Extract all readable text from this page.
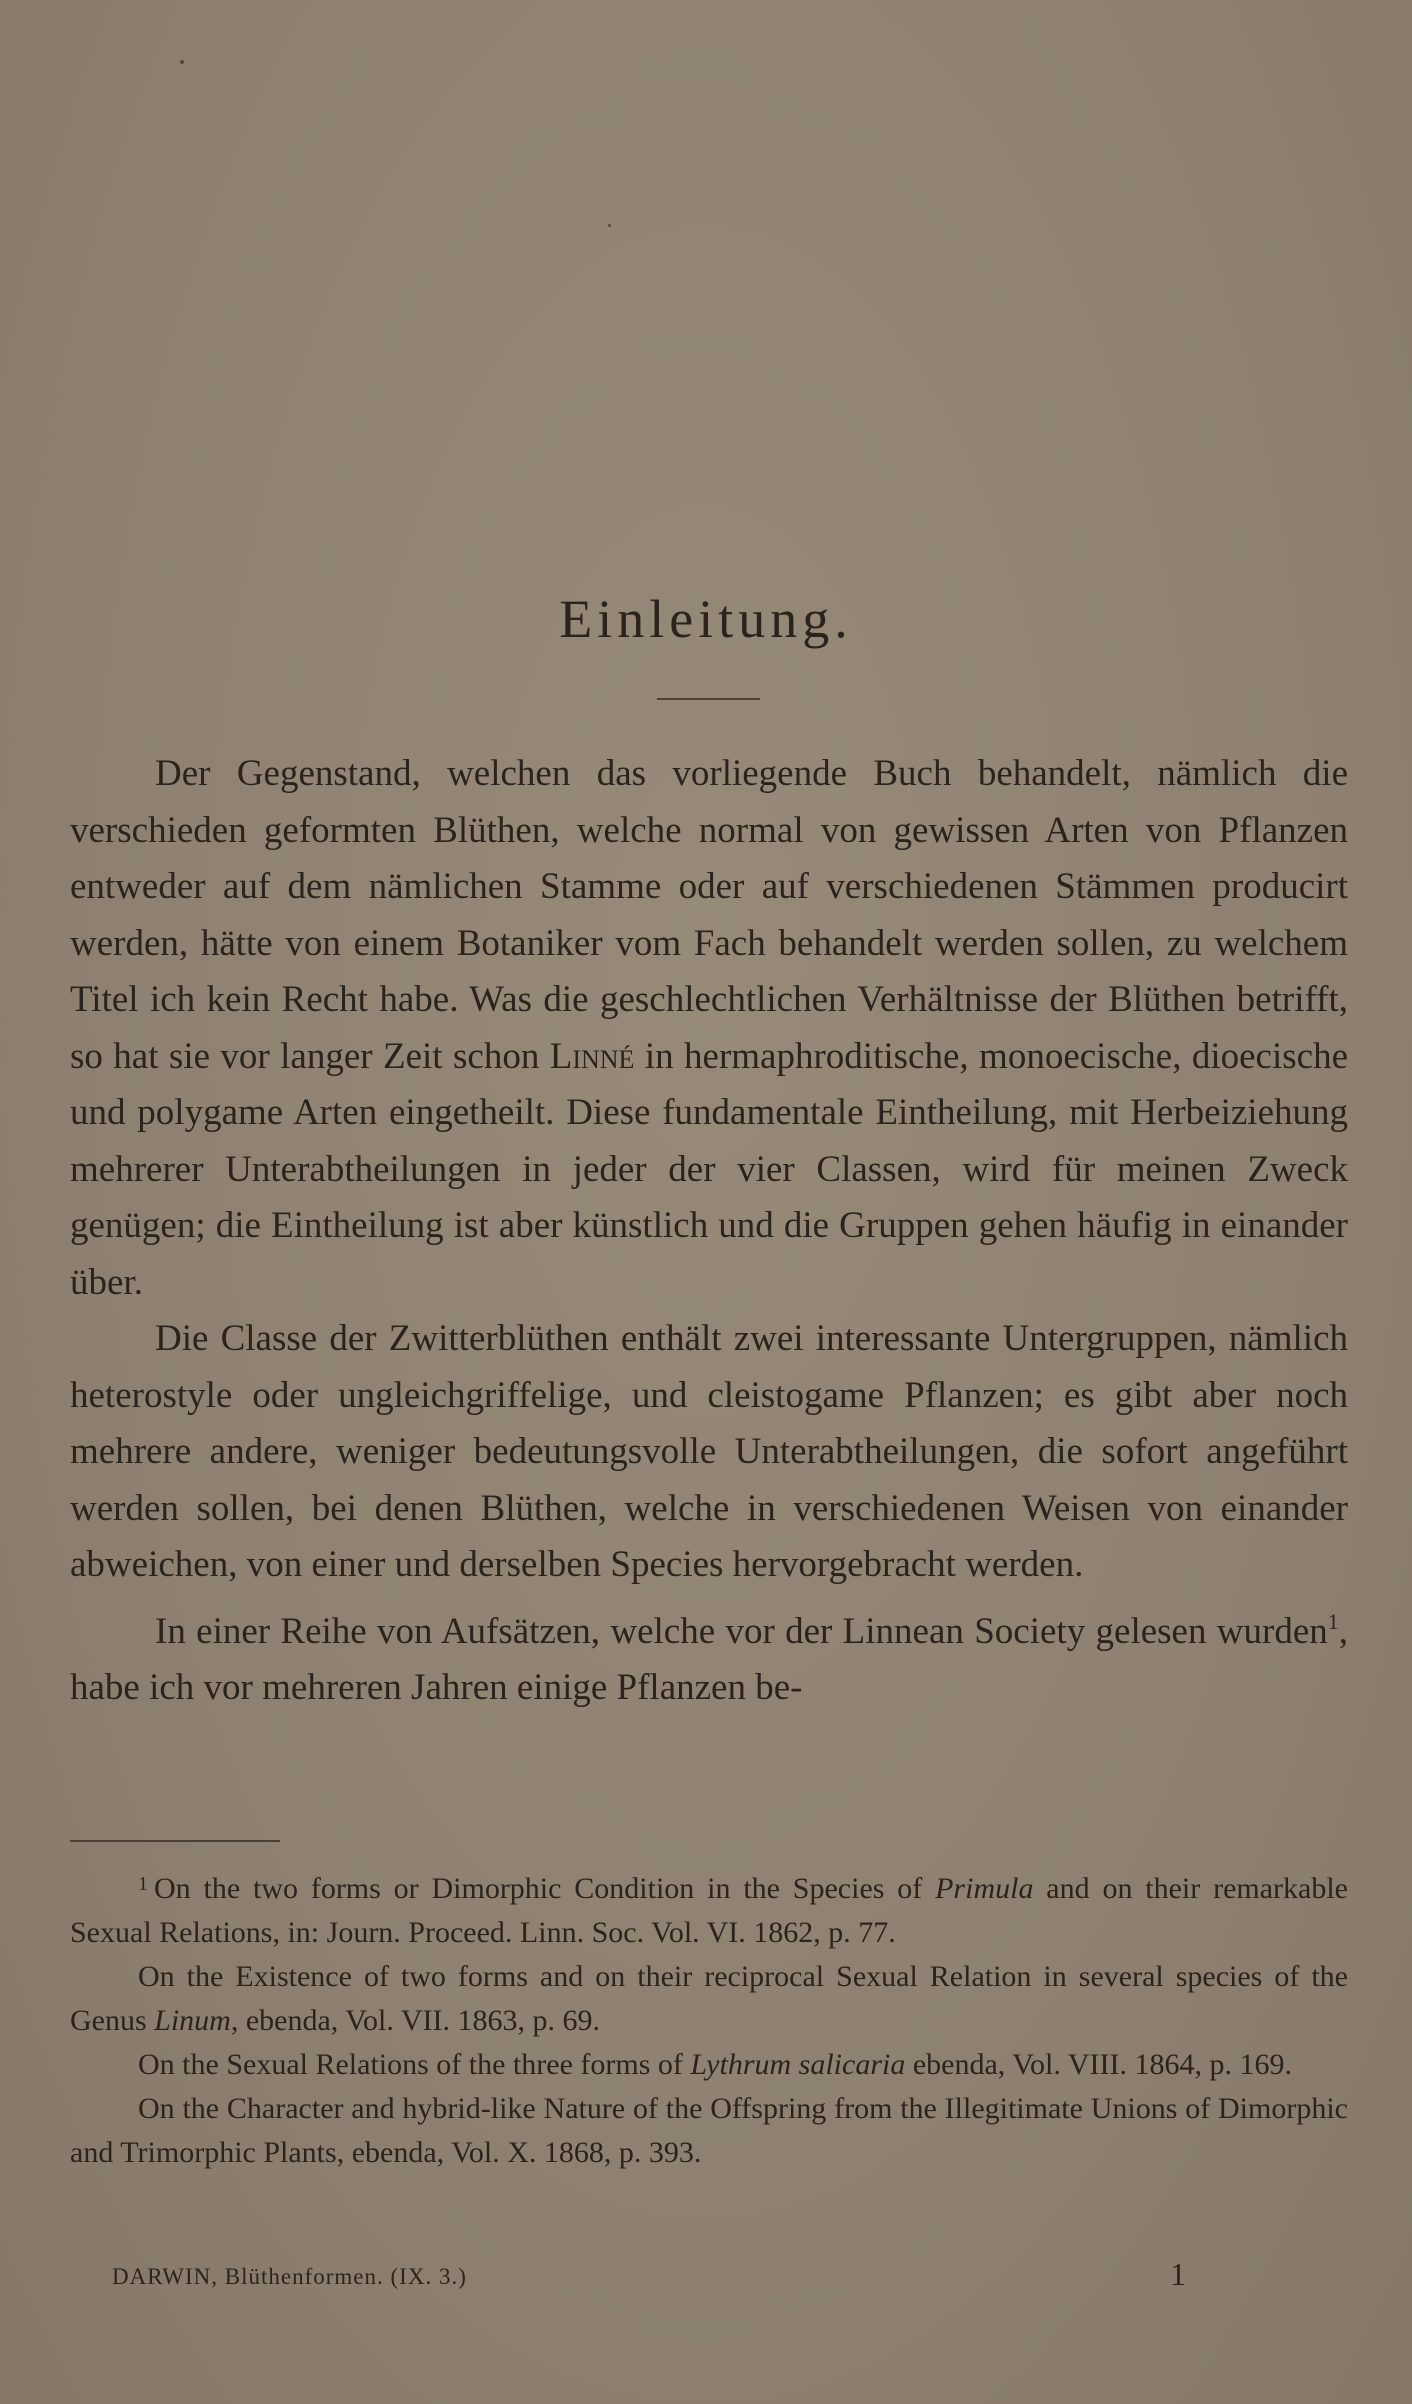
Einleitung.

Der Gegenstand, welchen das vorliegende Buch behandelt, nämlich die verschieden geformten Blüthen, welche normal von gewissen Arten von Pflanzen entweder auf dem nämlichen Stamme oder auf verschiedenen Stämmen producirt werden, hätte von einem Botaniker vom Fach behandelt werden sollen, zu welchem Titel ich kein Recht habe. Was die geschlechtlichen Verhältnisse der Blüthen betrifft, so hat sie vor langer Zeit schon Linné in hermaphroditische, monoecische, dioecische und polygame Arten eingetheilt. Diese fundamentale Eintheilung, mit Herbeiziehung mehrerer Unterabtheilungen in jeder der vier Classen, wird für meinen Zweck genügen; die Eintheilung ist aber künstlich und die Gruppen gehen häufig in einander über.

Die Classe der Zwitterblüthen enthält zwei interessante Untergruppen, nämlich heterostyle oder ungleichgriffelige, und cleistogame Pflanzen; es gibt aber noch mehrere andere, weniger bedeutungsvolle Unterabtheilungen, die sofort angeführt werden sollen, bei denen Blüthen, welche in verschiedenen Weisen von einander abweichen, von einer und derselben Species hervorgebracht werden.

In einer Reihe von Aufsätzen, welche vor der Linnean Society gelesen wurden$^1$, habe ich vor mehreren Jahren einige Pflanzen be-

$^1$ On the two forms or Dimorphic Condition in the Species of Primula and on their remarkable Sexual Relations, in: Journ. Proceed. Linn. Soc. Vol. VI. 1862, p. 77.

On the Existence of two forms and on their reciprocal Sexual Relation in several species of the Genus Linum, ebenda, Vol. VII. 1863, p. 69.

On the Sexual Relations of the three forms of Lythrum salicaria ebenda, Vol. VIII. 1864, p. 169.

On the Character and hybrid-like Nature of the Offspring from the Illegitimate Unions of Dimorphic and Trimorphic Plants, ebenda, Vol. X. 1868, p. 393.

DARWIN, Blüthenformen. (IX. 3.)	1
